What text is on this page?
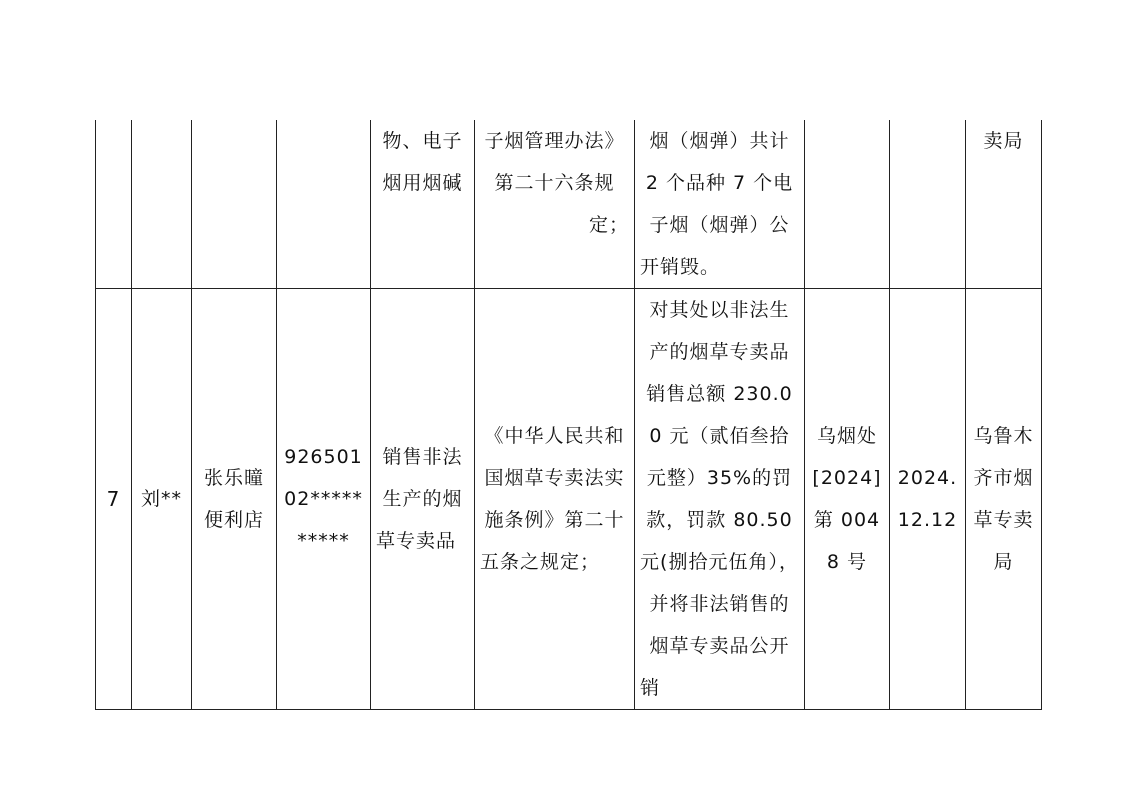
				物、电子烟用烟碱	子烟管理办法》第二十六条规定；	烟（烟弹）共计 2 个品种 7 个电子烟（烟弹）公开销毁。			卖局
7	刘**	张乐曈便利店	92650102**********	销售非法生产的烟草专卖品	《中华人民共和国烟草专卖法实施条例》第二十五条之规定；	对其处以非法生产的烟草专卖品销售总额 230.00 元（贰佰叁拾元整）35%的罚款，罚款 80.50 元(捌拾元伍角），并将非法销售的烟草专卖品公开销	乌烟处[2024]第 0048 号	2024.12.12	乌鲁木齐市烟草专卖局
